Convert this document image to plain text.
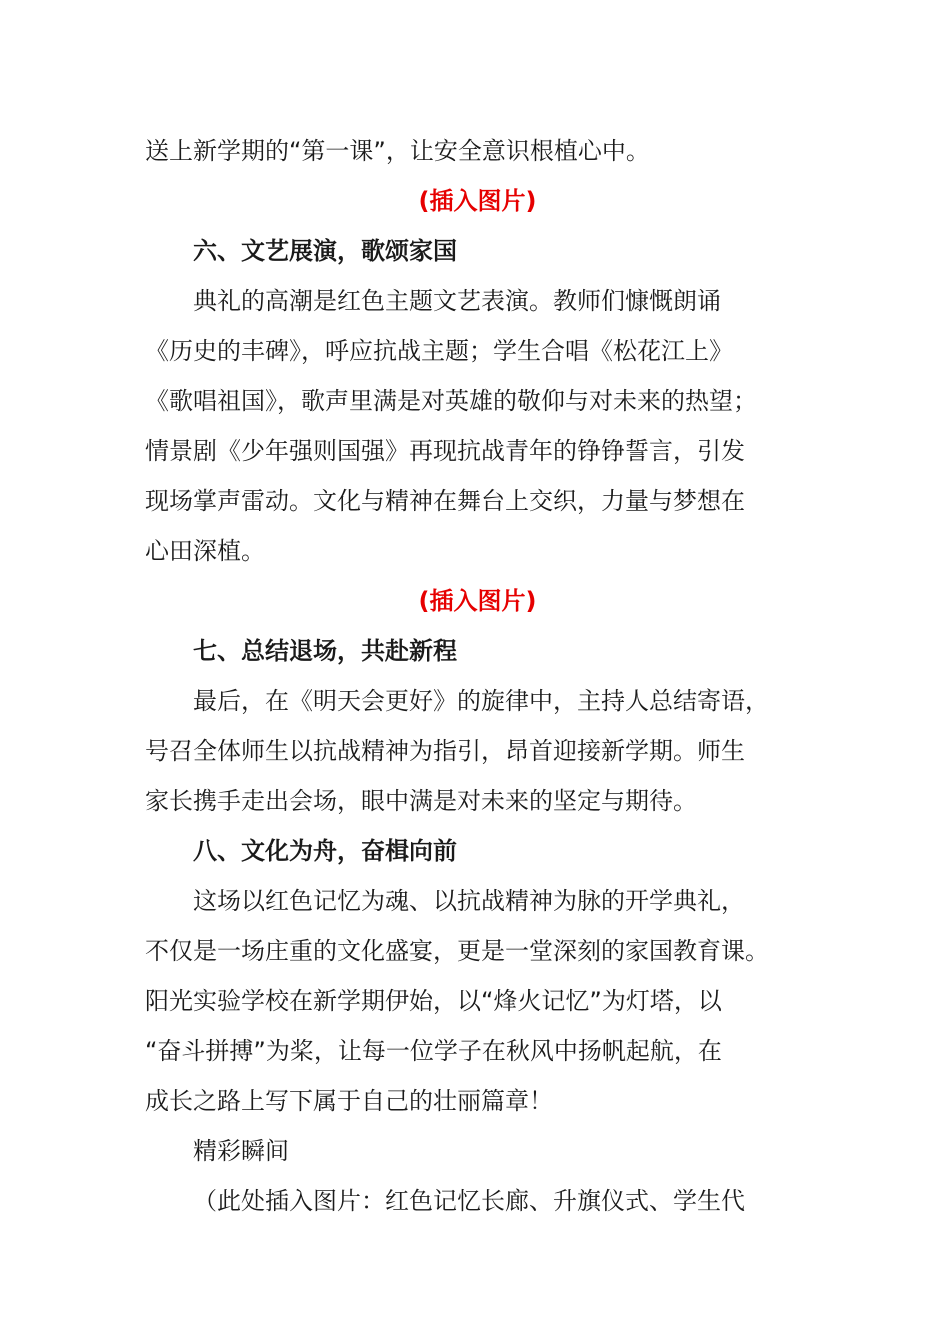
送上新学期的“第一课”，让安全意识根植心中。

(插入图片)

六、文艺展演，歌颂家国

典礼的高潮是红色主题文艺表演。教师们慷慨朗诵
《历史的丰碑》，呼应抗战主题；学生合唱《松花江上》
《歌唱祖国》，歌声里满是对英雄的敬仰与对未来的热望；
情景剧《少年强则国强》再现抗战青年的铮铮誓言，引发
现场掌声雷动。文化与精神在舞台上交织，力量与梦想在
心田深植。

(插入图片)

七、总结退场，共赴新程

最后，在《明天会更好》的旋律中，主持人总结寄语，
号召全体师生以抗战精神为指引，昂首迎接新学期。师生
家长携手走出会场，眼中满是对未来的坚定与期待。

八、文化为舟，奋楫向前

这场以红色记忆为魂、以抗战精神为脉的开学典礼，
不仅是一场庄重的文化盛宴，更是一堂深刻的家国教育课。
阳光实验学校在新学期伊始，以“烽火记忆”为灯塔，以
“奋斗拼搏”为桨，让每一位学子在秋风中扬帆起航，在
成长之路上写下属于自己的壮丽篇章！

精彩瞬间

（此处插入图片：红色记忆长廊、升旗仪式、学生代
